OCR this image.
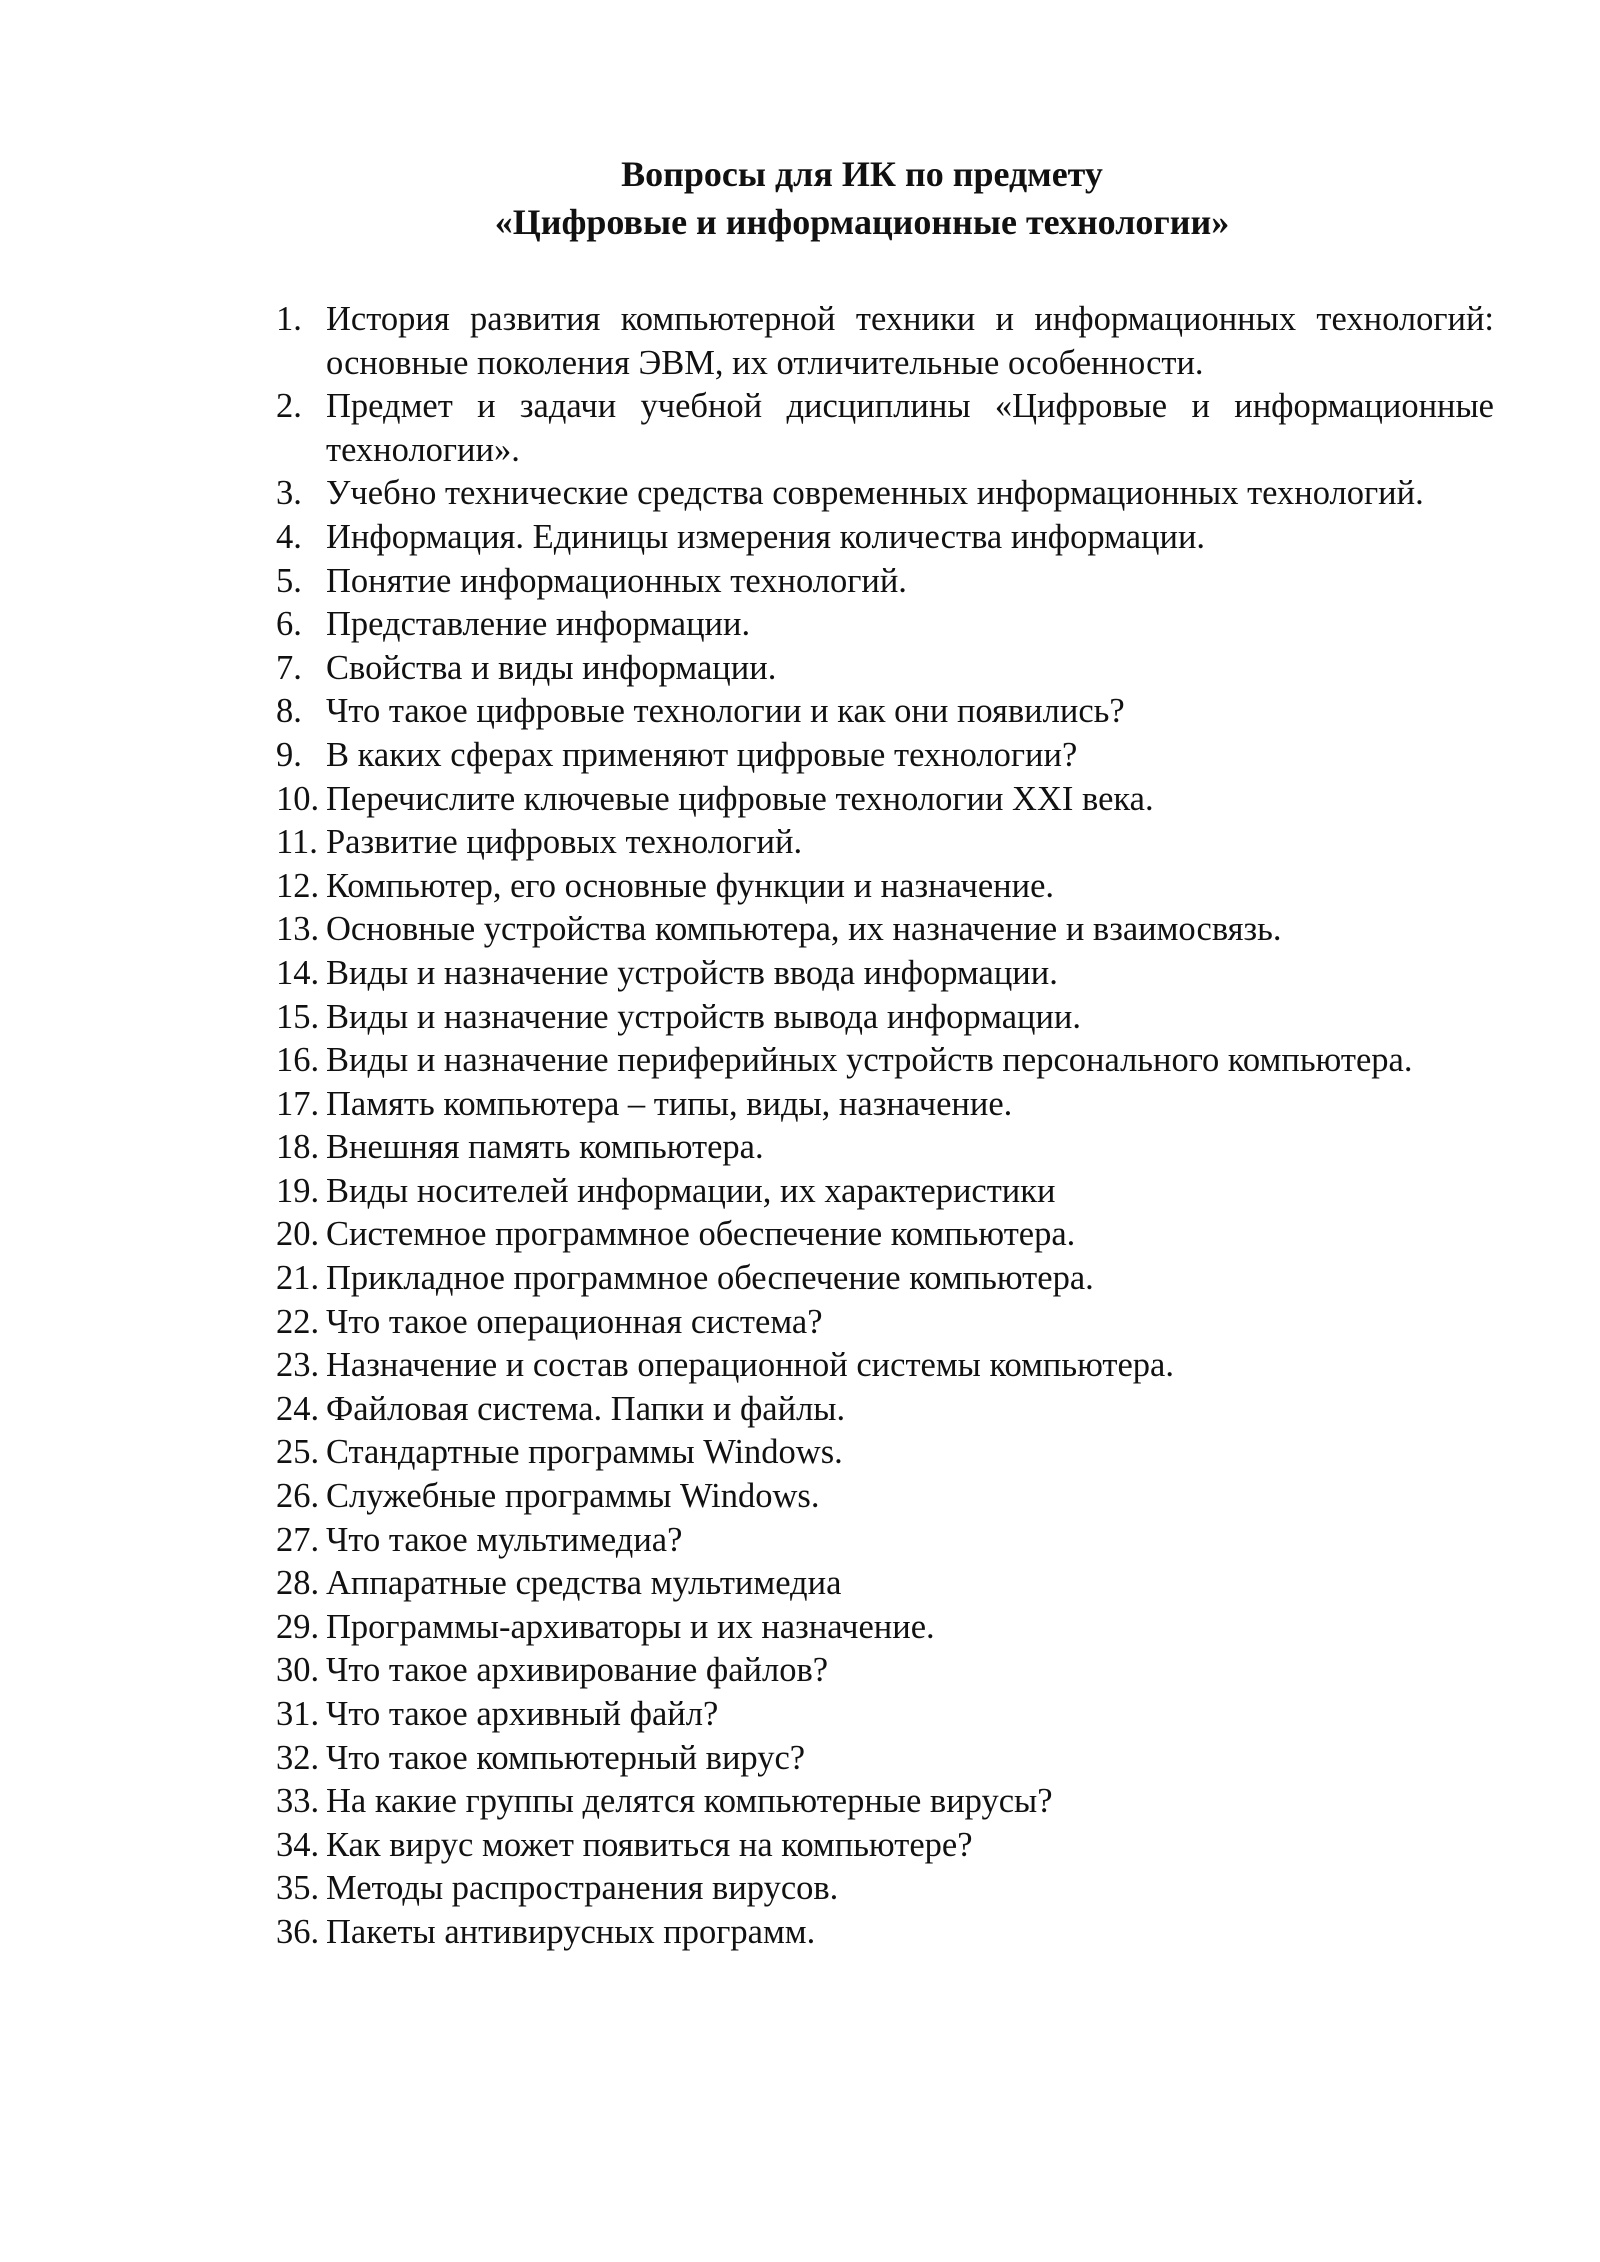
Вопросы для ИК по предмету
«Цифровые и информационные технологии»
1. История развития компьютерной техники и информационных технологий: основные поколения ЭВМ, их отличительные особенности.
2. Предмет и задачи учебной дисциплины «Цифровые и информационные технологии».
3. Учебно технические средства современных информационных технологий.
4. Информация. Единицы измерения количества информации.
5. Понятие информационных технологий.
6. Представление информации.
7. Свойства и виды информации.
8. Что такое цифровые технологии и как они появились?
9. В каких сферах применяют цифровые технологии?
10. Перечислите ключевые цифровые технологии XXI века.
11. Развитие цифровых технологий.
12. Компьютер, его основные функции и назначение.
13. Основные устройства компьютера, их назначение и взаимосвязь.
14. Виды и назначение устройств ввода информации.
15. Виды и назначение устройств вывода информации.
16. Виды и назначение периферийных устройств персонального компьютера.
17. Память компьютера – типы, виды, назначение.
18. Внешняя память компьютера.
19. Виды носителей информации, их характеристики
20. Системное программное обеспечение компьютера.
21. Прикладное программное обеспечение компьютера.
22. Что такое операционная система?
23. Назначение и состав операционной системы компьютера.
24. Файловая система. Папки и файлы.
25. Стандартные программы Windows.
26. Служебные программы Windows.
27. Что такое мультимедиа?
28. Аппаратные средства мультимедиа
29. Программы-архиваторы и их назначение.
30. Что такое архивирование файлов?
31. Что такое архивный файл?
32. Что такое компьютерный вирус?
33. На какие группы делятся компьютерные вирусы?
34. Как вирус может появиться на компьютере?
35. Методы распространения вирусов.
36. Пакеты антивирусных программ.
